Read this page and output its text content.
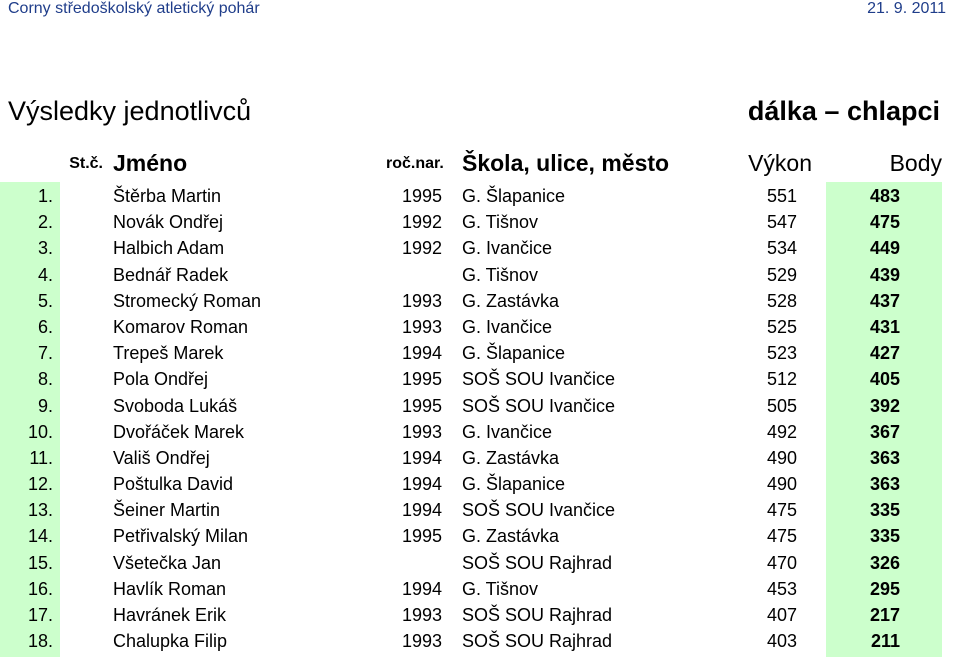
Corny středoškolský atletický pohár	21. 9. 2011
Výsledky jednotlivců	dálka – chlapci
St.č. Jméno	roč.nar. Škola, ulice, město	Výkon	Body
1.	Štěrba Martin	1995 G. Šlapanice	551	483
2.	Novák Ondřej	1992 G. Tišnov	547	475
3.	Halbich Adam	1992 G. Ivančice	534	449
4.	Bednář Radek	G. Tišnov	529	439
5.	Stromecký Roman	1993 G. Zastávka	528	437
6.	Komarov Roman	1993 G. Ivančice	525	431
7.	Trepeš Marek	1994 G. Šlapanice	523	427
8.	Pola Ondřej	1995 SOŠ SOU Ivančice	512	405
9.	Svoboda Lukáš	1995 SOŠ SOU Ivančice	505	392
10.	Dvořáček Marek	1993 G. Ivančice	492	367
11.	Vališ Ondřej	1994 G. Zastávka	490	363
12.	Poštulka David	1994 G. Šlapanice	490	363
13.	Šeiner Martin	1994 SOŠ SOU Ivančice	475	335
14.	Petřivalský Milan	1995 G. Zastávka	475	335
15.	Všetečka Jan	SOŠ SOU Rajhrad	470	326
16.	Havlík Roman	1994 G. Tišnov	453	295
17.	Havránek Erik	1993 SOŠ SOU Rajhrad	407	217
18.	Chalupka Filip	1993 SOŠ SOU Rajhrad	403	211
